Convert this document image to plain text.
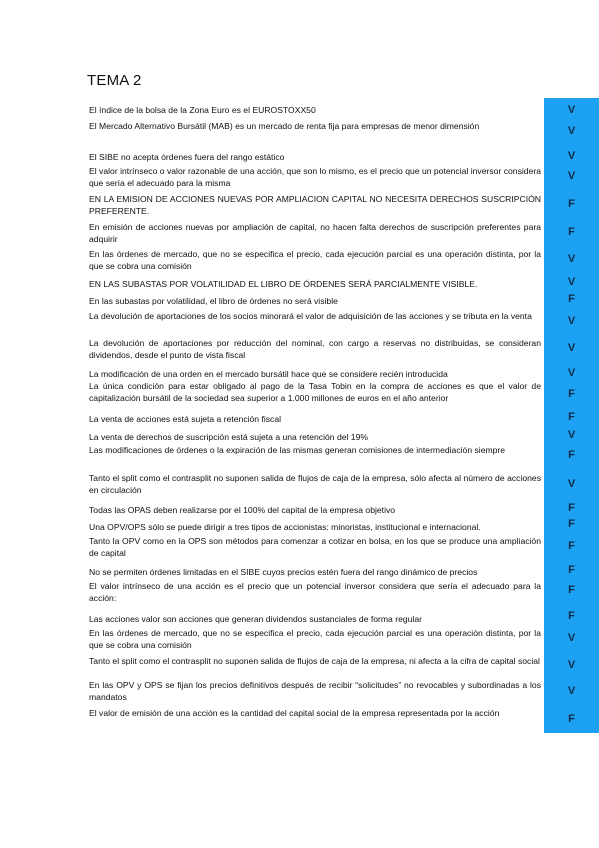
TEMA 2
El índice de la bolsa de la Zona Euro es el EUROSTOXX50	V
El Mercado Alternativo Bursátil (MAB) es un mercado de renta fija para empresas de menor dimensión	V
El SIBE no acepta órdenes fuera del rango estático	V
El valor intrínseco o valor razonable de una acción, que son lo mismo, es el precio que un potencial inversor considera que sería el adecuado para la misma
V
EN LA EMISION DE ACCIONES NUEVAS POR AMPLIACION CAPITAL NO NECESITA DERECHOS SUSCRIPCIÓN PREFERENTE.
F
En emisión de acciones nuevas por ampliación de capital, no hacen falta derechos de suscripción preferentes para adquirir
F
En las órdenes de mercado, que no se especifica el precio, cada ejecución parcial es una operación distinta, por la que se cobra una comisión
V
EN LAS SUBASTAS POR VOLATILIDAD EL LIBRO DE ÓRDENES SERÁ PARCIALMENTE VISIBLE.	V
En las subastas por volatilidad, el libro de órdenes no será visible	F
La devolución de aportaciones de los socios minorará el valor de adquisición de las acciones y se tributa en la venta	V
La devolución de aportaciones por reducción del nominal, con cargo a reservas no distribuidas, se consideran dividendos, desde el punto de vista fiscal
V
La modificación de una orden en el mercado bursátil hace que se considere recién introducida	V
La única condición para estar obligado al pago de la Tasa Tobin en la compra de acciones es que el valor de capitalización bursátil de la sociedad sea superior a 1.000 millones de euros en el año anterior	F
La venta de acciones está sujeta a retención fiscal	F
La venta de derechos de suscripción está sujeta a una retención del 19%	V
Las modificaciones de órdenes o la expiración de las mismas generan comisiones de intermediación siempre	F
Tanto el split como el contrasplit no suponen salida de flujos de caja de la empresa, sólo afecta al número de acciones en circulación	V
Todas las OPAS deben realizarse por el 100% del capital de la empresa objetivo	F
Una OPV/OPS sólo se puede dirigir a tres tipos de accionistas: minoristas, institucional e internacional.	F
Tanto la OPV como en la OPS son métodos para comenzar a cotizar en bolsa, en los que se produce una ampliación de capital
F
No se permiten órdenes limitadas en el SIBE cuyos precios estén fuera del rango dinámico de precios	F
El valor intrínseco de una acción es el precio que un potencial inversor considera que sería el adecuado para la acción:
F
Las acciones valor son acciones que generan dividendos sustanciales de forma regular	F
En las órdenes de mercado, que no se especifica el precio, cada ejecución parcial es una operación distinta, por la que se cobra una comisión
V
Tanto el split como el contrasplit no suponen salida de flujos de caja de la empresa, ni afecta a la cifra de capital social	V
En las OPV y OPS se fijan los precios definitivos después de recibir “solicitudes” no revocables y subordinadas a los mandatos	V
El valor de emisión de una acción es la cantidad del capital social de la empresa representada por la acción	F
